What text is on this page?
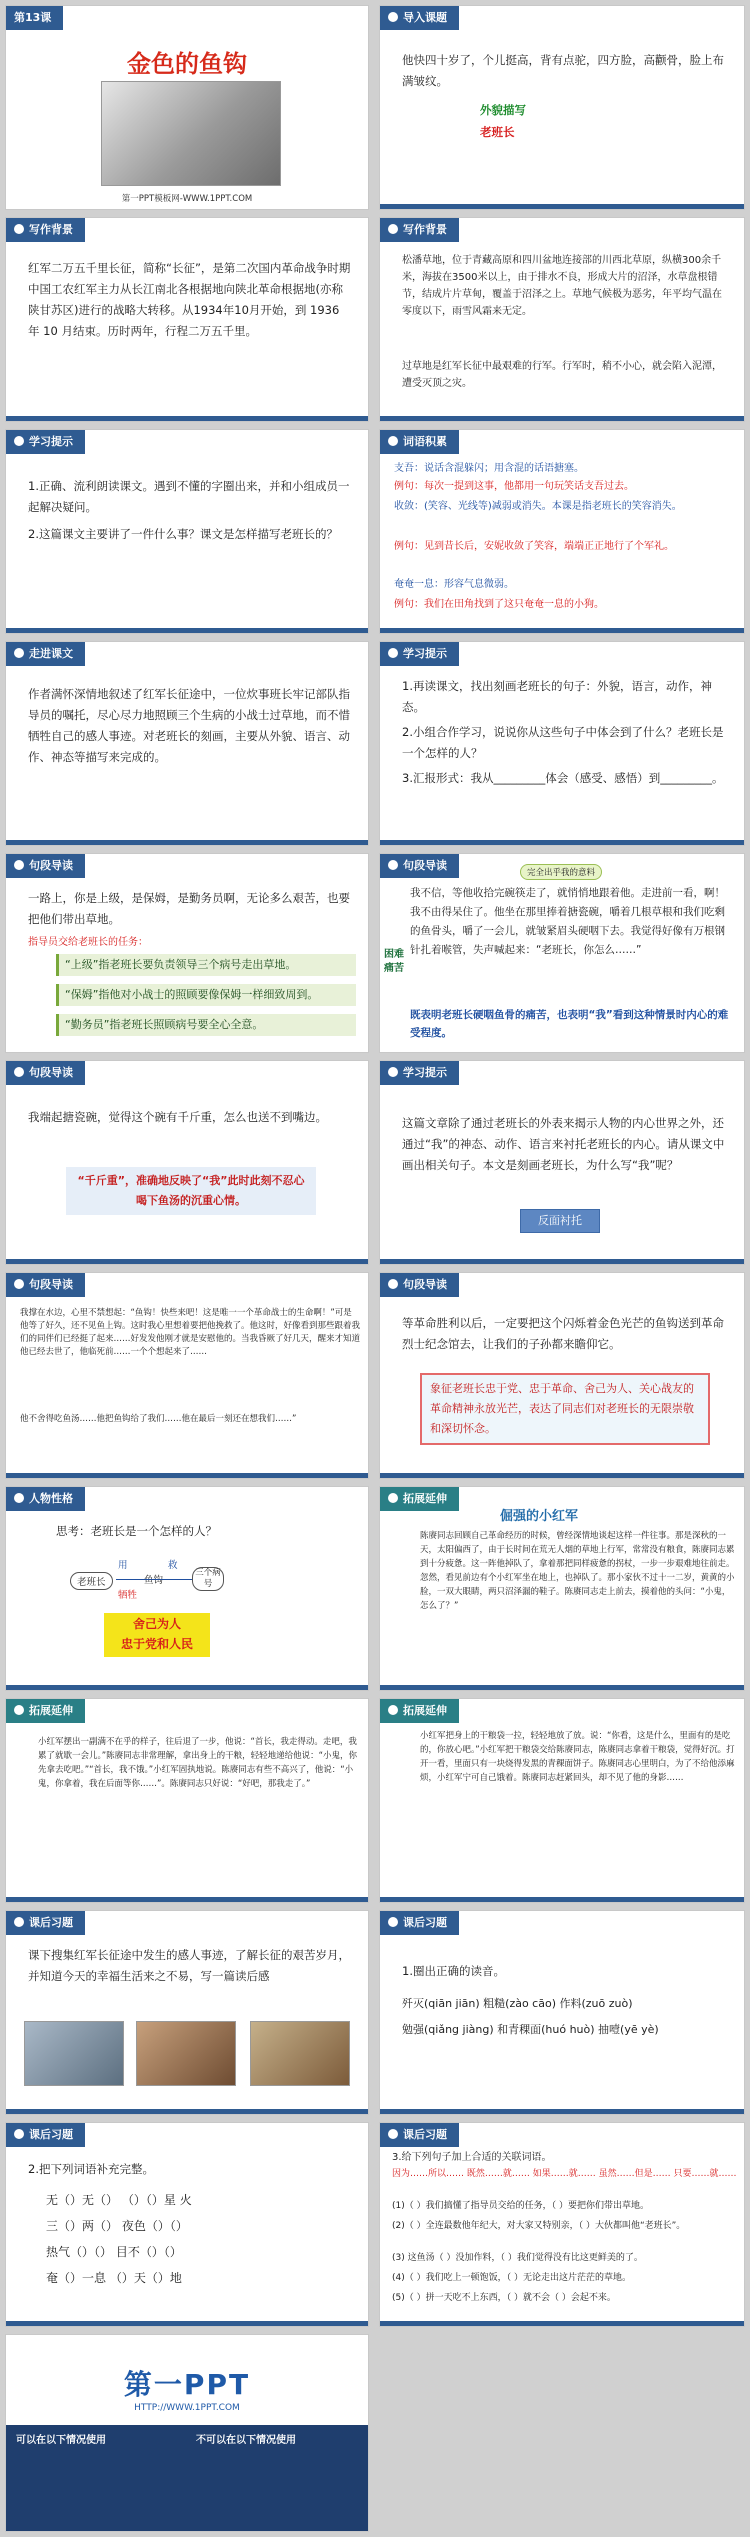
第13课
金色的鱼钩
第一PPT模板网-WWW.1PPT.COM
导入课题
他快四十岁了，个儿挺高，背有点驼，四方脸，高颧骨，脸上布满皱纹。
外貌描写
老班长
写作背景
红军二万五千里长征，简称“长征”，是第二次国内革命战争时期中国工农红军主力从长江南北各根据地向陕北革命根据地(亦称陕甘苏区)进行的战略大转移。从1934年10月开始，到 1936 年 10 月结束。历时两年，行程二万五千里。
写作背景
松潘草地，位于青藏高原和四川盆地连接部的川西北草原，纵横300余千米，海拔在3500米以上，由于排水不良，形成大片的沼泽，水草盘根错节，结成片片草甸，覆盖于沼泽之上。草地气候极为恶劣，年平均气温在零度以下，雨雪风霜来无定。
过草地是红军长征中最艰难的行军。行军时，稍不小心，就会陷入泥潭，遭受灭顶之灾。
学习提示
1.正确、流利朗读课文。遇到不懂的字圈出来，并和小组成员一起解决疑问。
2.这篇课文主要讲了一件什么事？课文是怎样描写老班长的？
词语积累
支吾：说话含混躲闪；用含混的话语搪塞。
例句：每次一提到这事，他都用一句玩笑话支吾过去。
收敛：(笑容、光线等)减弱或消失。本课是指老班长的笑容消失。
例句：见到昔长后，安妮收敛了笑容，端端正正地行了个军礼。
奄奄一息：形容气息微弱。
例句：我们在田角找到了这只奄奄一息的小狗。
走进课文
作者满怀深情地叙述了红军长征途中，一位炊事班长牢记部队指导员的嘱托，尽心尽力地照顾三个生病的小战士过草地，而不惜牺牲自己的感人事迹。对老班长的刻画，主要从外貌、语言、动作、神态等描写来完成的。
学习提示
1.再读课文，找出刻画老班长的句子：外貌，语言，动作，神态。
2.小组合作学习，说说你从这些句子中体会到了什么？老班长是一个怎样的人？
3.汇报形式：我从_________体会（感受、感悟）到_________。
句段导读
一路上，你是上级，是保姆，是勤务员啊，无论多么艰苦，也要把他们带出草地。
指导员交给老班长的任务：
“上级”指老班长要负责领导三个病号走出草地。
“保姆”指他对小战士的照顾要像保姆一样细致周到。
“勤务员”指老班长照顾病号要全心全意。
句段导读
完全出乎我的意料
我不信，等他收拾完碗筷走了，就悄悄地跟着他。走进前一看，啊！我不由得呆住了。他坐在那里捧着搪瓷碗，嚼着几根草根和我们吃剩的鱼骨头，嚼了一会儿，就皱紧眉头硬咽下去。我觉得好像有万根钢针扎着喉管，失声喊起来：“老班长，你怎么……”
困难痛苦
既表明老班长硬咽鱼骨的痛苦，也表明“我”看到这种情景时内心的难受程度。
句段导读
我端起搪瓷碗，觉得这个碗有千斤重，怎么也送不到嘴边。
“千斤重”，准确地反映了“我”此时此刻不忍心喝下鱼汤的沉重心情。
学习提示
这篇文章除了通过老班长的外表来揭示人物的内心世界之外，还通过“我”的神态、动作、语言来衬托老班长的内心。请从课文中画出相关句子。本文是刻画老班长，为什么写“我”呢？
反面衬托
句段导读
我撑在水边，心里不禁想起：“鱼钩！快些来吧！这是唯一一个革命战士的生命啊！”可是他等了好久，还不见鱼上钩。这时我心里想着要把他挽救了。他这时，好像看到那些跟着我们的同伴们已经挺了起来……好发发他刚才就是安慰他的。当我昏厥了好几天，醒来才知道他已经去世了，他临死前……一个个想起来了……
他不舍得吃鱼汤……他把鱼钩给了我们……他在最后一刻还在想我们……”
句段导读
等革命胜利以后，一定要把这个闪烁着金色光芒的鱼钩送到革命烈士纪念馆去，让我们的子孙都来瞻仰它。
象征老班长忠于党、忠于革命、舍己为人、关心战友的革命精神永放光芒，表达了同志们对老班长的无限崇敬和深切怀念。
人物性格
思考：老班长是一个怎样的人？
老班长	鱼钩
三个病号
用	救
牺牲
舍己为人
忠于党和人民
拓展延伸
倔强的小红军
陈赓同志回顾自己革命经历的时候，曾经深情地谈起这样一件往事。那是深秋的一天，太阳偏西了，由于长时间在荒无人烟的草地上行军，常常没有粮食，陈赓同志累到十分疲惫。这一阵他掉队了，拿着那把同样疲惫的拐杖，一步一步艰难地往前走。忽然，看见前边有个小红军坐在地上，也掉队了。那小家伙不过十一二岁，黄黄的小脸，一双大眼睛，两只沼泽漏的鞋子。陈赓同志走上前去，摸着他的头问：“小鬼，怎么了？”
拓展延伸
小红军摆出一副满不在乎的样子，往后退了一步，他说：“首长，我走得动。走吧，我累了就歇一会儿。”陈赓同志非常理解，拿出身上的干粮，轻轻地递给他说：“小鬼，你先拿去吃吧。”“首长，我不饿。”小红军固执地说。陈赓同志有些不高兴了，他说：“小鬼，你拿着，我在后面等你……”。陈赓同志只好说：“好吧，那我走了。”
拓展延伸
小红军把身上的干粮袋一拉，轻轻地放了放。说：“你看，这是什么，里面有的是吃的，你放心吧。”小红军把干粮袋交给陈赓同志，陈赓同志拿着干粮袋，觉得好沉。打开一看，里面只有一块烧得发黑的青稞面饼子。陈赓同志心里明白，为了不给他添麻烦，小红军宁可自己饿着。陈赓同志赶紧回头，却不见了他的身影……
课后习题
课下搜集红军长征途中发生的感人事迹，了解长征的艰苦岁月，并知道今天的幸福生活来之不易，写一篇读后感
课后习题
1.圈出正确的读音。
歼灭(qiān jiān) 粗糙(zào cāo) 作料(zuō zuò)
勉强(qiǎng jiàng) 和青稞面(huó huò) 抽噎(yē yè)
课后习题
2.把下列词语补充完整。
无（）无（） （）（）星 火
三（）两（） 夜色（）（）
热气（）（） 目不（）（）
奄（）一息 （）天（）地
课后习题
3.给下列句子加上合适的关联词语。
因为……所以…… 既然……就…… 如果……就…… 虽然……但是…… 只要……就……
(1)（ ）我们搞懂了指导员交给的任务，（ ）要把你们带出草地。
(2)（ ）全连最数他年纪大，对大家又特别亲，（ ）大伙都叫他“老班长”。
(3) 这鱼汤（ ）没加作料，（ ）我们觉得没有比这更鲜美的了。
(4)（ ）我们吃上一顿饱饭，（ ）无论走出这片茫茫的草地。
(5)（ ）拼一天吃不上东西，（ ）就不会（ ）会起不来。
第一PPT
HTTP://WWW.1PPT.COM
可以在以下情况使用	不可以在以下情况使用
